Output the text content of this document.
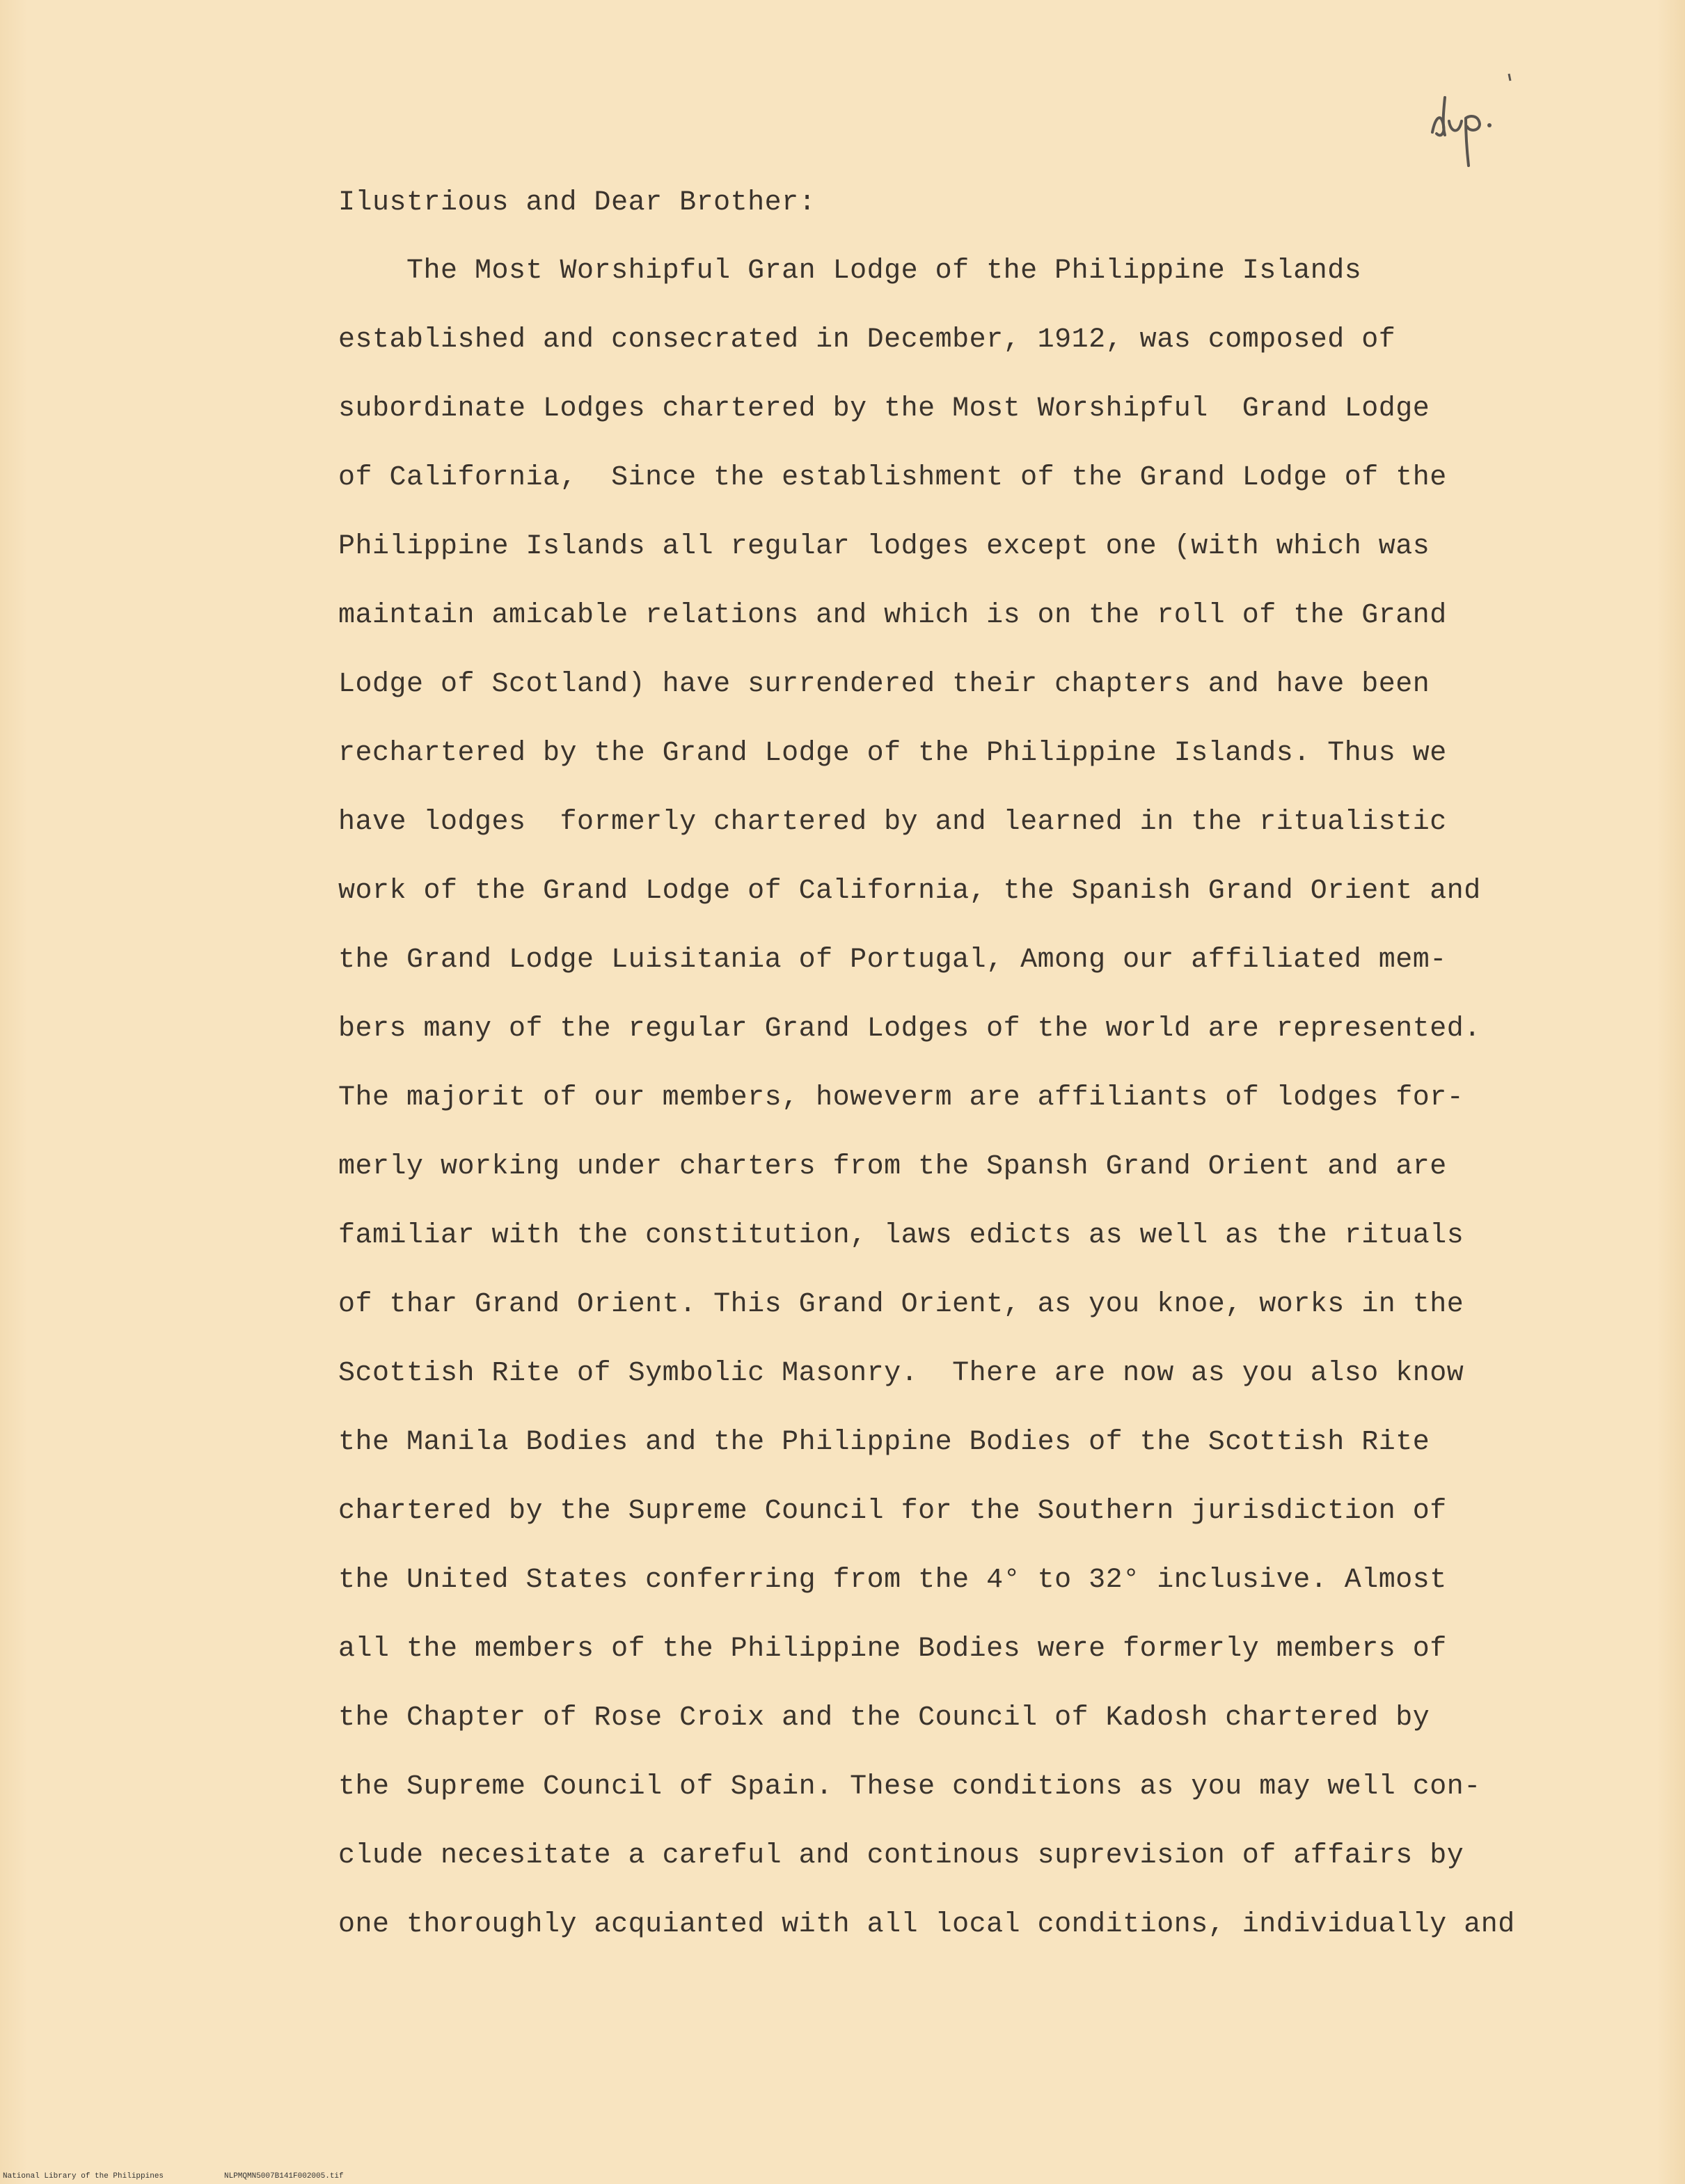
Ilustrious and Dear Brother:
The Most Worshipful Gran Lodge of the Philippine Islands
established and consecrated in December, 1912, was composed of
subordinate Lodges chartered by the Most Worshipful  Grand Lodge
of California,  Since the establishment of the Grand Lodge of the
Philippine Islands all regular lodges except one (with which was
maintain amicable relations and which is on the roll of the Grand
Lodge of Scotland) have surrendered their chapters and have been
rechartered by the Grand Lodge of the Philippine Islands. Thus we
have lodges  formerly chartered by and learned in the ritualistic
work of the Grand Lodge of California, the Spanish Grand Orient and
the Grand Lodge Luisitania of Portugal, Among our affiliated mem-
bers many of the regular Grand Lodges of the world are represented.
The majorit of our members, howeverm are affiliants of lodges for-
merly working under charters from the Spansh Grand Orient and are
familiar with the constitution, laws edicts as well as the rituals
of thar Grand Orient. This Grand Orient, as you knoe, works in the
Scottish Rite of Symbolic Masonry.  There are now as you also know
the Manila Bodies and the Philippine Bodies of the Scottish Rite
chartered by the Supreme Council for the Southern jurisdiction of
the United States conferring from the 4° to 32° inclusive. Almost
all the members of the Philippine Bodies were formerly members of
the Chapter of Rose Croix and the Council of Kadosh chartered by
the Supreme Council of Spain. These conditions as you may well con-
clude necesitate a careful and continous suprevision of affairs by
one thoroughly acquianted with all local conditions, individually and
National Library of the Philippines	NLPMQMN5007B141F002005.tif
